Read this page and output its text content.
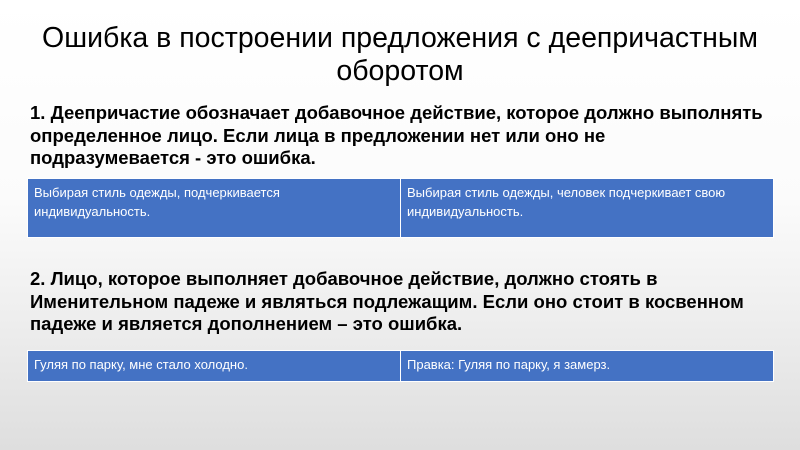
Ошибка в построении предложения с деепричастным оборотом
1. Деепричастие обозначает добавочное действие, которое должно выполнять определенное лицо. Если лица в предложении нет или оно не подразумевается - это ошибка.
Выбирая стиль одежды, подчеркивается индивидуальность.	Выбирая стиль одежды, человек подчеркивает свою индивидуальность.
2. Лицо, которое выполняет добавочное действие, должно стоять в Именительном падеже и являться подлежащим. Если оно стоит в косвенном падеже и является дополнением – это ошибка.
Гуляя по парку, мне стало холодно.	Правка: Гуляя по парку, я замерз.
